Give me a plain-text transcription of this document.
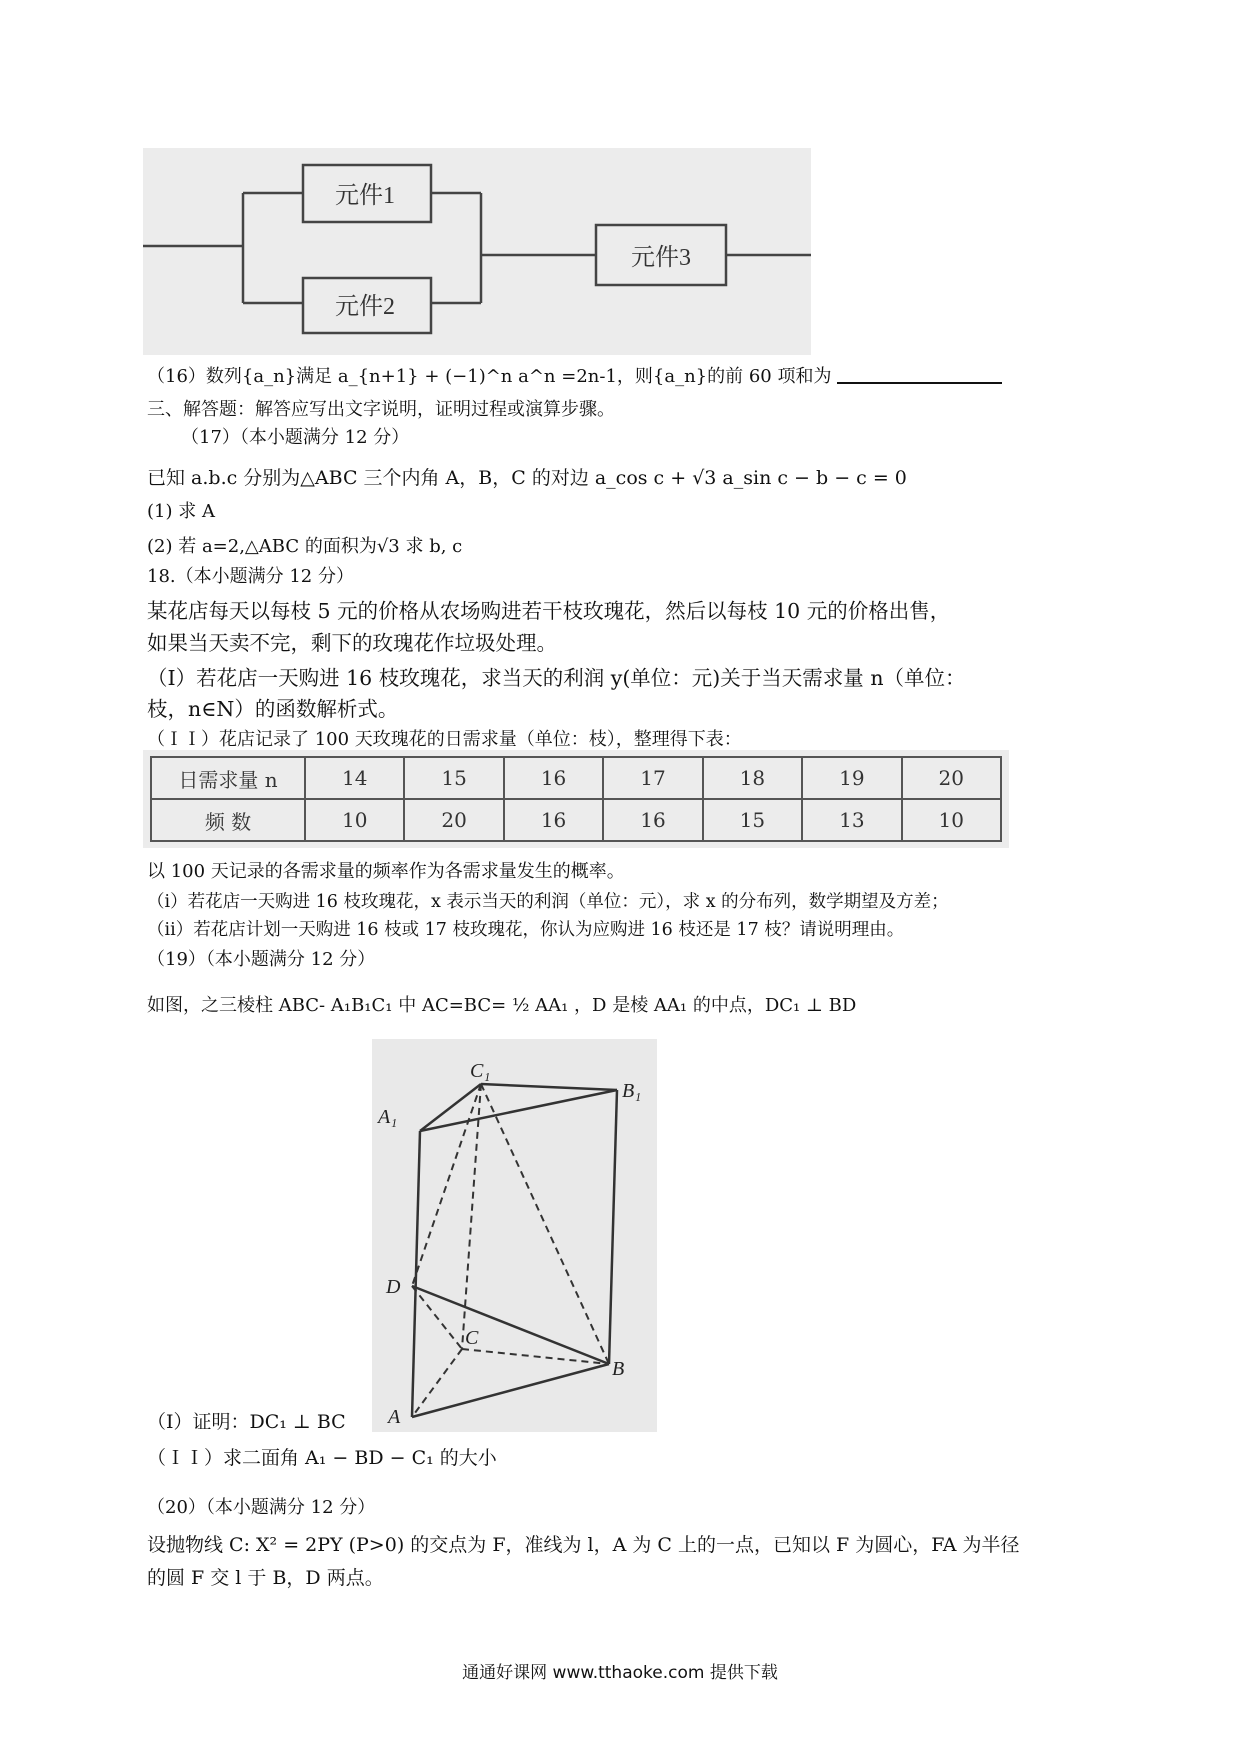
元件1
元件2
元件3
（16）数列{a_n}满足 a_{n+1} + (−1)^n a^n =2n-1，则{a_n}的前 60 项和为
三、解答题：解答应写出文字说明，证明过程或演算步骤。
（17）（本小题满分 12 分）
已知 a.b.c 分别为△ABC 三个内角 A，B，C 的对边 a_cos c + √3 a_sin c − b − c = 0
(1) 求 A
(2) 若 a=2,△ABC 的面积为√3 求 b, c
18.（本小题满分 12 分）
某花店每天以每枝 5 元的价格从农场购进若干枝玫瑰花，然后以每枝 10 元的价格出售，
如果当天卖不完，剩下的玫瑰花作垃圾处理。
（Ⅰ）若花店一天购进 16 枝玫瑰花，求当天的利润 y(单位：元)关于当天需求量 n（单位：
枝，n∈N）的函数解析式。
（ＩＩ）花店记录了 100 天玫瑰花的日需求量（单位：枝），整理得下表：
日需求量 n	14	15	16	17	18	19	20
频 数	10	20	16	16	15	13	10
以 100 天记录的各需求量的频率作为各需求量发生的概率。
（i）若花店一天购进 16 枝玫瑰花，x 表示当天的利润（单位：元），求 x 的分布列，数学期望及方差；
（ii）若花店计划一天购进 16 枝或 17 枝玫瑰花，你认为应购进 16 枝还是 17 枝？请说明理由。
（19）（本小题满分 12 分）
如图，之三棱柱 ABC- A₁B₁C₁ 中 AC=BC= ½ AA₁ ，D 是棱 AA₁ 的中点，DC₁ ⊥ BD
C₁
B₁
A₁
D
C
B
A
（Ⅰ）证明：DC₁ ⊥ BC
（ＩＩ）求二面角 A₁ − BD − C₁ 的大小
（20）（本小题满分 12 分）
设抛物线 C: X² = 2PY (P>0) 的交点为 F，准线为 l，A 为 C 上的一点，已知以 F 为圆心，FA 为半径
的圆 F 交 l 于 B，D 两点。
通通好课网 www.tthaoke.com 提供下载
